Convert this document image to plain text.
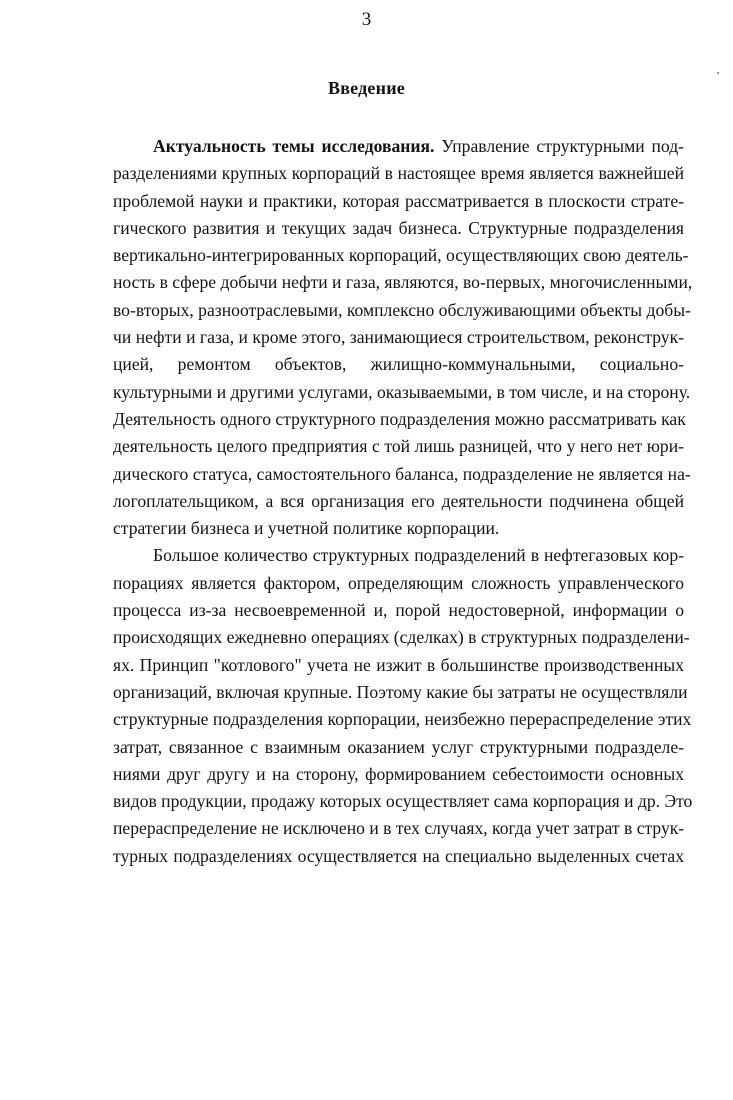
3
Введение
Актуальность темы исследования. Управление структурными под-
разделениями крупных корпораций в настоящее время является важнейшей
проблемой науки и практики, которая рассматривается в плоскости страте-
гического развития и текущих задач бизнеса. Структурные подразделения
вертикально-интегрированных корпораций, осуществляющих свою деятель-
ность в сфере добычи нефти и газа, являются, во-первых, многочисленными,
во-вторых, разноотраслевыми, комплексно обслуживающими объекты добы-
чи нефти и газа, и кроме этого, занимающиеся строительством, реконструк-
цией, ремонтом объектов, жилищно-коммунальными, социально-
культурными и другими услугами, оказываемыми, в том числе, и на сторону.
Деятельность одного структурного подразделения можно рассматривать как
деятельность целого предприятия с той лишь разницей, что у него нет юри-
дического статуса, самостоятельного баланса, подразделение не является на-
логоплательщиком, а вся организация его деятельности подчинена общей
стратегии бизнеса и учетной политике корпорации.
Большое количество структурных подразделений в нефтегазовых кор-
порациях является фактором, определяющим сложность управленческого
процесса из-за несвоевременной и, порой недостоверной, информации о
происходящих ежедневно операциях (сделках) в структурных подразделени-
ях. Принцип "котлового" учета не изжит в большинстве производственных
организаций, включая крупные. Поэтому какие бы затраты не осуществляли
структурные подразделения корпорации, неизбежно перераспределение этих
затрат, связанное с взаимным оказанием услуг структурными подразделе-
ниями друг другу и на сторону, формированием себестоимости основных
видов продукции, продажу которых осуществляет сама корпорация и др. Это
перераспределение не исключено и в тех случаях, когда учет затрат в струк-
турных подразделениях осуществляется на специально выделенных счетах
